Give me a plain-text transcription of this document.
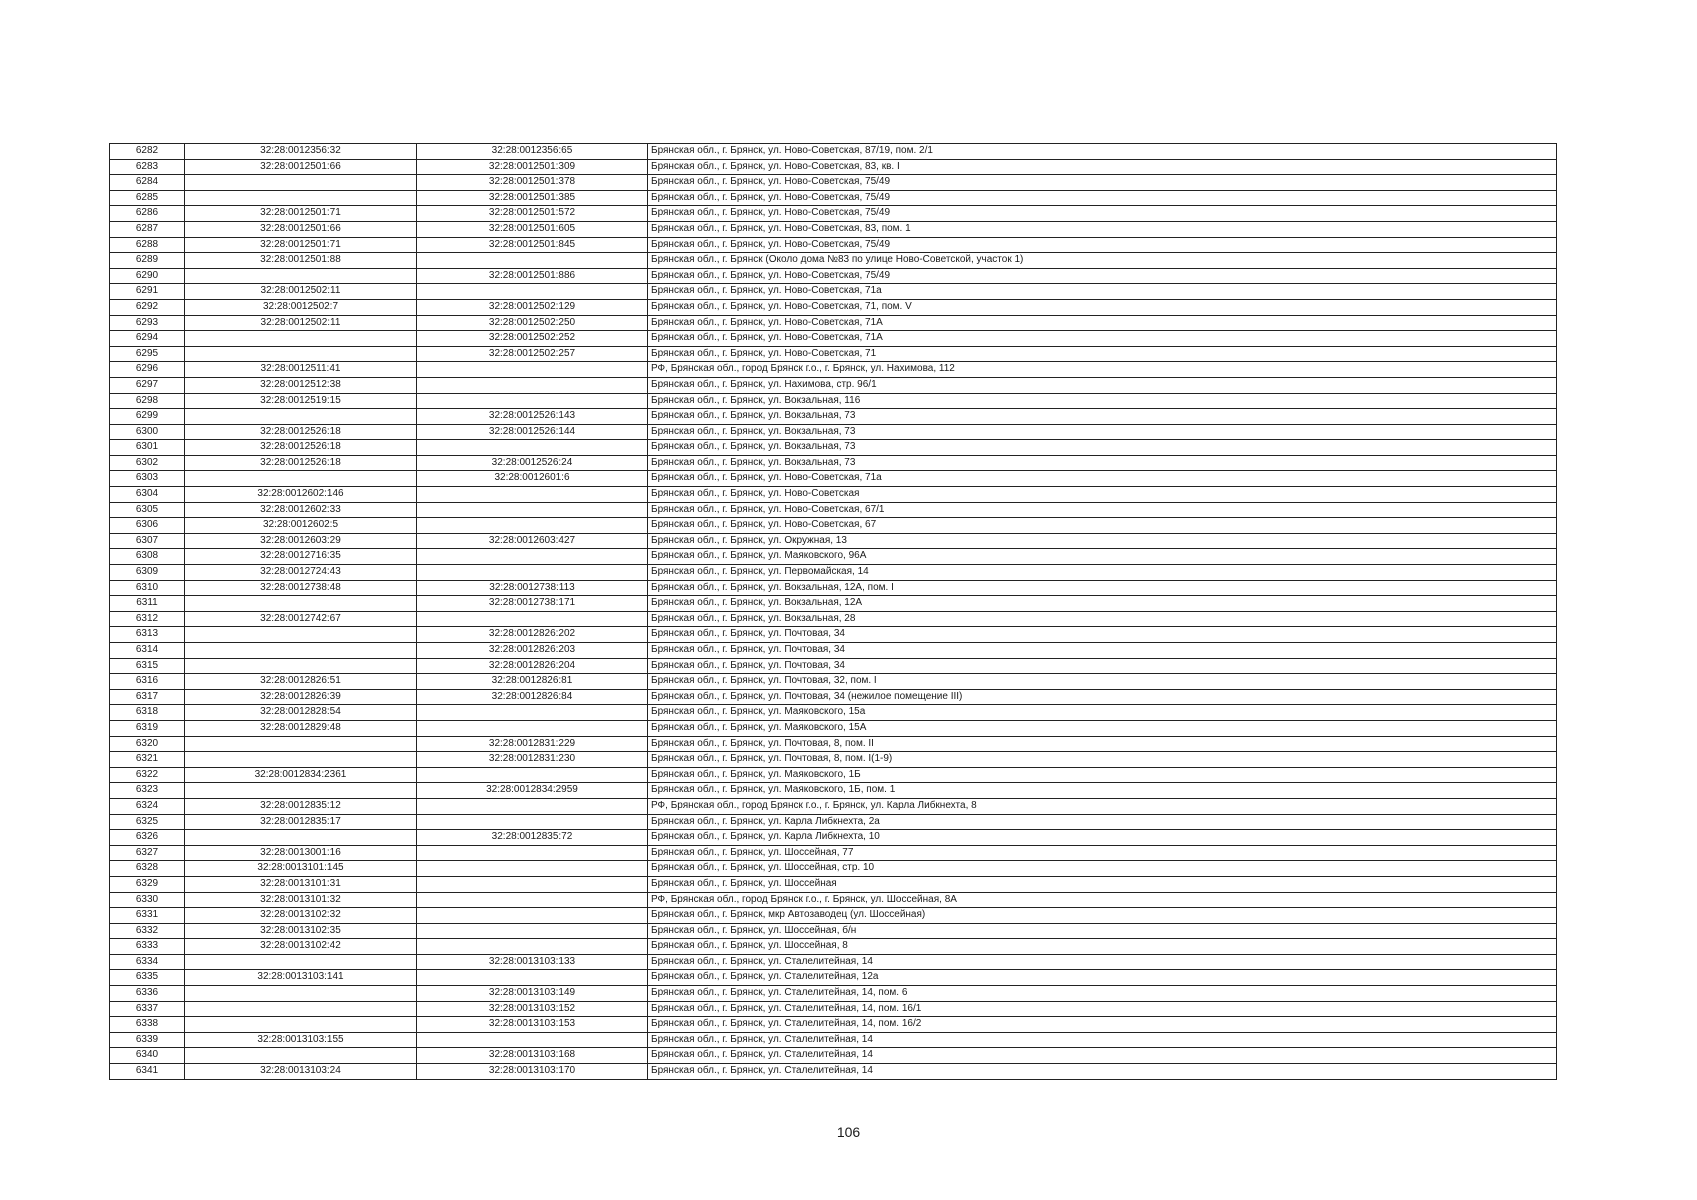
6282	32:28:0012356:32	32:28:0012356:65	Брянская обл., г. Брянск, ул. Ново-Советская, 87/19, пом. 2/1
6283	32:28:0012501:66	32:28:0012501:309	Брянская обл., г. Брянск, ул. Ново-Советская, 83, кв. I
6284		32:28:0012501:378	Брянская обл., г. Брянск, ул. Ново-Советская, 75/49
6285		32:28:0012501:385	Брянская обл., г. Брянск, ул. Ново-Советская, 75/49
6286	32:28:0012501:71	32:28:0012501:572	Брянская обл., г. Брянск, ул. Ново-Советская, 75/49
6287	32:28:0012501:66	32:28:0012501:605	Брянская обл., г. Брянск, ул. Ново-Советская, 83, пом. 1
6288	32:28:0012501:71	32:28:0012501:845	Брянская обл., г. Брянск, ул. Ново-Советская, 75/49
6289	32:28:0012501:88		Брянская обл., г. Брянск (Около дома №83 по улице Ново-Советской, участок 1)
6290		32:28:0012501:886	Брянская обл., г. Брянск, ул. Ново-Советская, 75/49
6291	32:28:0012502:11		Брянская обл., г. Брянск, ул. Ново-Советская, 71а
6292	32:28:0012502:7	32:28:0012502:129	Брянская обл., г. Брянск, ул. Ново-Советская, 71, пом. V
6293	32:28:0012502:11	32:28:0012502:250	Брянская обл., г. Брянск, ул. Ново-Советская, 71А
6294		32:28:0012502:252	Брянская обл., г. Брянск, ул. Ново-Советская, 71А
6295		32:28:0012502:257	Брянская обл., г. Брянск, ул. Ново-Советская, 71
6296	32:28:0012511:41		РФ, Брянская обл., город Брянск г.о., г. Брянск, ул. Нахимова, 112
6297	32:28:0012512:38		Брянская обл., г. Брянск, ул. Нахимова, стр. 96/1
6298	32:28:0012519:15		Брянская обл., г. Брянск, ул. Вокзальная, 116
6299		32:28:0012526:143	Брянская обл., г. Брянск, ул. Вокзальная, 73
6300	32:28:0012526:18	32:28:0012526:144	Брянская обл., г. Брянск, ул. Вокзальная, 73
6301	32:28:0012526:18		Брянская обл., г. Брянск, ул. Вокзальная, 73
6302	32:28:0012526:18	32:28:0012526:24	Брянская обл., г. Брянск, ул. Вокзальная, 73
6303		32:28:0012601:6	Брянская обл., г. Брянск, ул. Ново-Советская, 71а
6304	32:28:0012602:146		Брянская обл., г. Брянск, ул. Ново-Советская
6305	32:28:0012602:33		Брянская обл., г. Брянск, ул. Ново-Советская, 67/1
6306	32:28:0012602:5		Брянская обл., г. Брянск, ул. Ново-Советская, 67
6307	32:28:0012603:29	32:28:0012603:427	Брянская обл., г. Брянск, ул. Окружная, 13
6308	32:28:0012716:35		Брянская обл., г. Брянск, ул. Маяковского, 96А
6309	32:28:0012724:43		Брянская обл., г. Брянск, ул. Первомайская, 14
6310	32:28:0012738:48	32:28:0012738:113	Брянская обл., г. Брянск, ул. Вокзальная, 12А, пом. I
6311		32:28:0012738:171	Брянская обл., г. Брянск, ул. Вокзальная, 12А
6312	32:28:0012742:67		Брянская обл., г. Брянск, ул. Вокзальная, 28
6313		32:28:0012826:202	Брянская обл., г. Брянск, ул. Почтовая, 34
6314		32:28:0012826:203	Брянская обл., г. Брянск, ул. Почтовая, 34
6315		32:28:0012826:204	Брянская обл., г. Брянск, ул. Почтовая, 34
6316	32:28:0012826:51	32:28:0012826:81	Брянская обл., г. Брянск, ул. Почтовая, 32, пом. I
6317	32:28:0012826:39	32:28:0012826:84	Брянская обл., г. Брянск, ул. Почтовая, 34 (нежилое помещение III)
6318	32:28:0012828:54		Брянская обл., г. Брянск, ул. Маяковского, 15а
6319	32:28:0012829:48		Брянская обл., г. Брянск, ул. Маяковского, 15А
6320		32:28:0012831:229	Брянская обл., г. Брянск, ул. Почтовая, 8, пом. II
6321		32:28:0012831:230	Брянская обл., г. Брянск, ул. Почтовая, 8, пом. I(1-9)
6322	32:28:0012834:2361		Брянская обл., г. Брянск, ул. Маяковского, 1Б
6323		32:28:0012834:2959	Брянская обл., г. Брянск, ул. Маяковского, 1Б, пом. 1
6324	32:28:0012835:12		РФ, Брянская обл., город Брянск г.о., г. Брянск, ул. Карла Либкнехта, 8
6325	32:28:0012835:17		Брянская обл., г. Брянск, ул. Карла Либкнехта, 2а
6326		32:28:0012835:72	Брянская обл., г. Брянск, ул. Карла Либкнехта, 10
6327	32:28:0013001:16		Брянская обл., г. Брянск, ул. Шоссейная, 77
6328	32:28:0013101:145		Брянская обл., г. Брянск, ул. Шоссейная, стр. 10
6329	32:28:0013101:31		Брянская обл., г. Брянск, ул. Шоссейная
6330	32:28:0013101:32		РФ, Брянская обл., город Брянск г.о., г. Брянск, ул. Шоссейная, 8А
6331	32:28:0013102:32		Брянская обл., г. Брянск, мкр Автозаводец (ул. Шоссейная)
6332	32:28:0013102:35		Брянская обл., г. Брянск, ул. Шоссейная, б/н
6333	32:28:0013102:42		Брянская обл., г. Брянск, ул. Шоссейная, 8
6334		32:28:0013103:133	Брянская обл., г. Брянск, ул. Сталелитейная, 14
6335	32:28:0013103:141		Брянская обл., г. Брянск, ул. Сталелитейная, 12а
6336		32:28:0013103:149	Брянская обл., г. Брянск, ул. Сталелитейная, 14, пом. 6
6337		32:28:0013103:152	Брянская обл., г. Брянск, ул. Сталелитейная, 14, пом. 16/1
6338		32:28:0013103:153	Брянская обл., г. Брянск, ул. Сталелитейная, 14, пом. 16/2
6339	32:28:0013103:155		Брянская обл., г. Брянск, ул. Сталелитейная, 14
6340		32:28:0013103:168	Брянская обл., г. Брянск, ул. Сталелитейная, 14
6341	32:28:0013103:24	32:28:0013103:170	Брянская обл., г. Брянск, ул. Сталелитейная, 14
106
